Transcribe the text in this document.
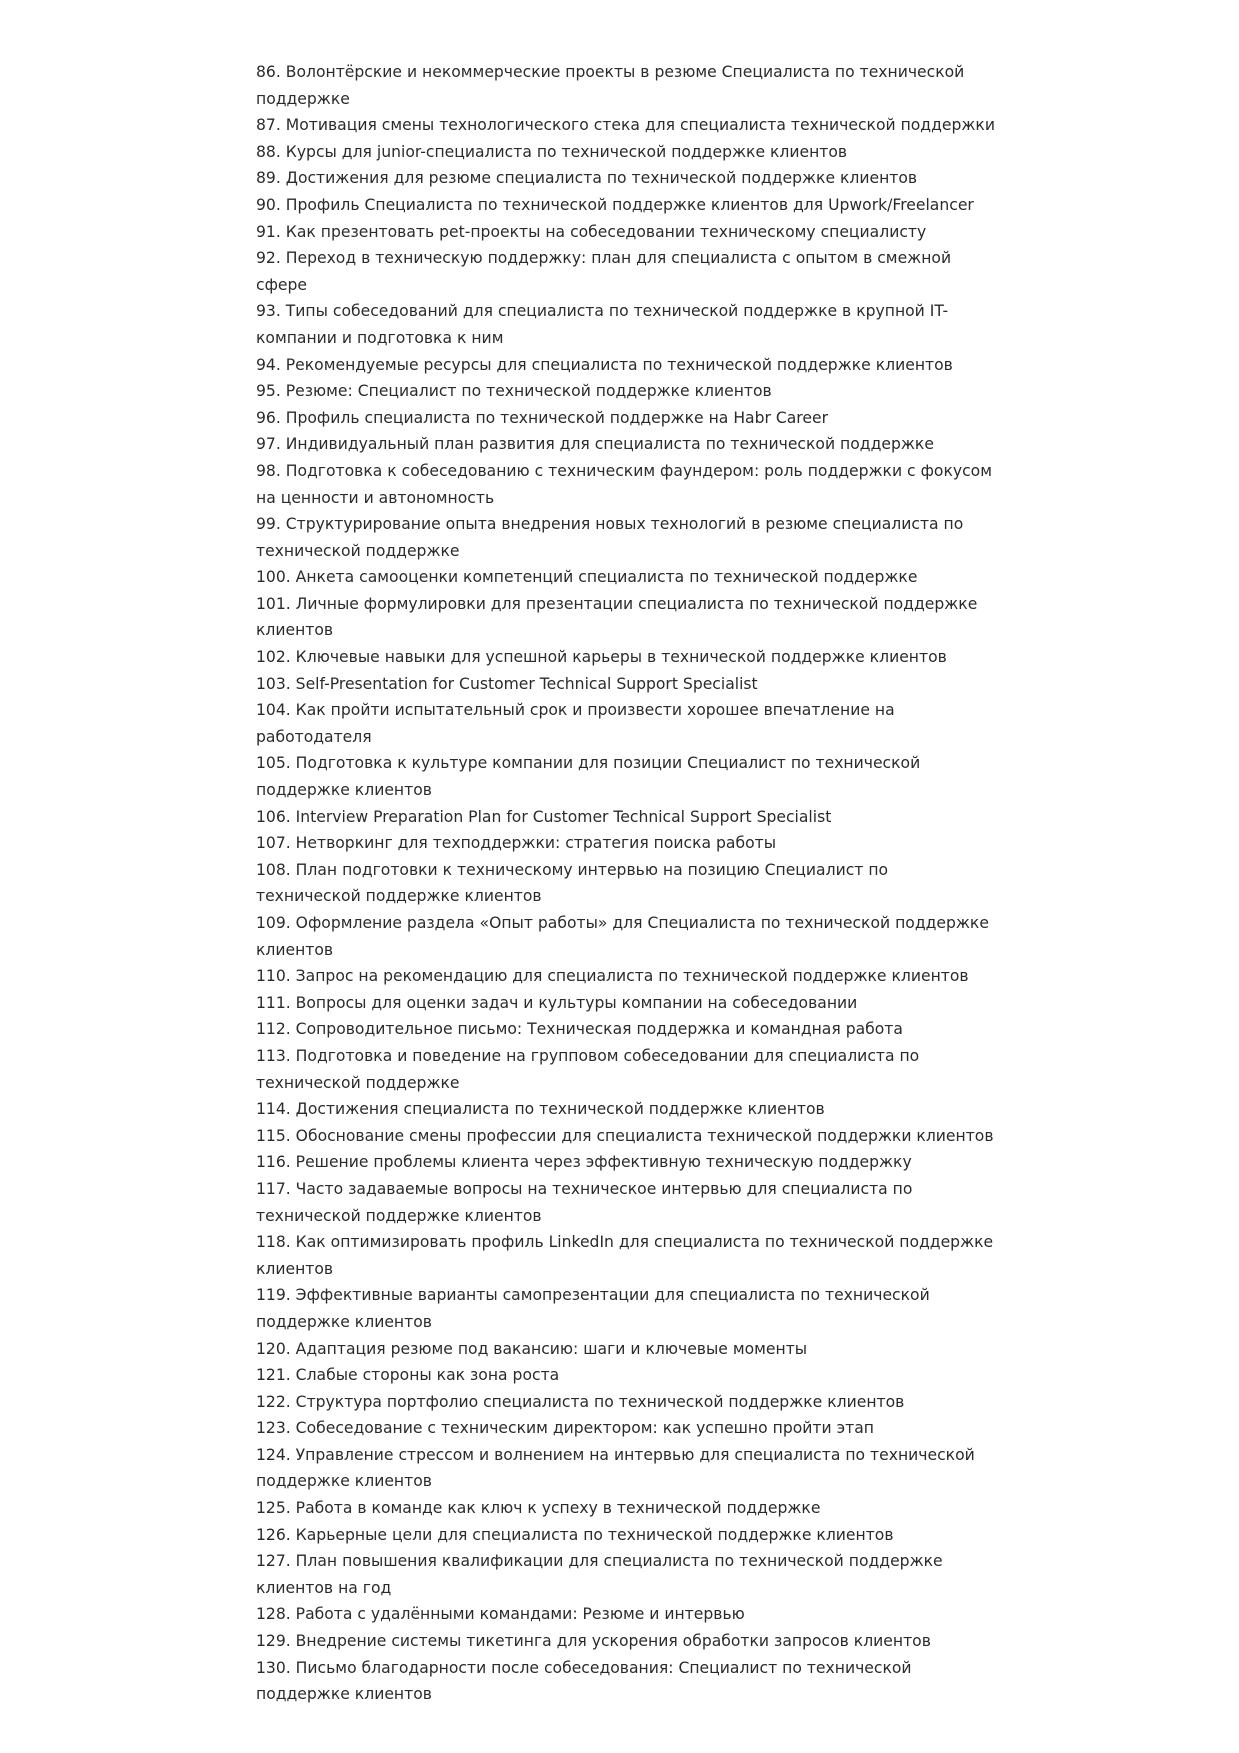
86. Волонтёрские и некоммерческие проекты в резюме Специалиста по технической поддержке
87. Мотивация смены технологического стека для специалиста технической поддержки
88. Курсы для junior-специалиста по технической поддержке клиентов
89. Достижения для резюме специалиста по технической поддержке клиентов
90. Профиль Специалиста по технической поддержке клиентов для Upwork/Freelancer
91. Как презентовать pet-проекты на собеседовании техническому специалисту
92. Переход в техническую поддержку: план для специалиста с опытом в смежной сфере
93. Типы собеседований для специалиста по технической поддержке в крупной IT-компании и подготовка к ним
94. Рекомендуемые ресурсы для специалиста по технической поддержке клиентов
95. Резюме: Специалист по технической поддержке клиентов
96. Профиль специалиста по технической поддержке на Habr Career
97. Индивидуальный план развития для специалиста по технической поддержке
98. Подготовка к собеседованию с техническим фаундером: роль поддержки с фокусом на ценности и автономность
99. Структурирование опыта внедрения новых технологий в резюме специалиста по технической поддержке
100. Анкета самооценки компетенций специалиста по технической поддержке
101. Личные формулировки для презентации специалиста по технической поддержке клиентов
102. Ключевые навыки для успешной карьеры в технической поддержке клиентов
103. Self-Presentation for Customer Technical Support Specialist
104. Как пройти испытательный срок и произвести хорошее впечатление на работодателя
105. Подготовка к культуре компании для позиции Специалист по технической поддержке клиентов
106. Interview Preparation Plan for Customer Technical Support Specialist
107. Нетворкинг для техподдержки: стратегия поиска работы
108. План подготовки к техническому интервью на позицию Специалист по технической поддержке клиентов
109. Оформление раздела «Опыт работы» для Специалиста по технической поддержке клиентов
110. Запрос на рекомендацию для специалиста по технической поддержке клиентов
111. Вопросы для оценки задач и культуры компании на собеседовании
112. Сопроводительное письмо: Техническая поддержка и командная работа
113. Подготовка и поведение на групповом собеседовании для специалиста по технической поддержке
114. Достижения специалиста по технической поддержке клиентов
115. Обоснование смены профессии для специалиста технической поддержки клиентов
116. Решение проблемы клиента через эффективную техническую поддержку
117. Часто задаваемые вопросы на техническое интервью для специалиста по технической поддержке клиентов
118. Как оптимизировать профиль LinkedIn для специалиста по технической поддержке клиентов
119. Эффективные варианты самопрезентации для специалиста по технической поддержке клиентов
120. Адаптация резюме под вакансию: шаги и ключевые моменты
121. Слабые стороны как зона роста
122. Структура портфолио специалиста по технической поддержке клиентов
123. Собеседование с техническим директором: как успешно пройти этап
124. Управление стрессом и волнением на интервью для специалиста по технической поддержке клиентов
125. Работа в команде как ключ к успеху в технической поддержке
126. Карьерные цели для специалиста по технической поддержке клиентов
127. План повышения квалификации для специалиста по технической поддержке клиентов на год
128. Работа с удалёнными командами: Резюме и интервью
129. Внедрение системы тикетинга для ускорения обработки запросов клиентов
130. Письмо благодарности после собеседования: Специалист по технической поддержке клиентов
